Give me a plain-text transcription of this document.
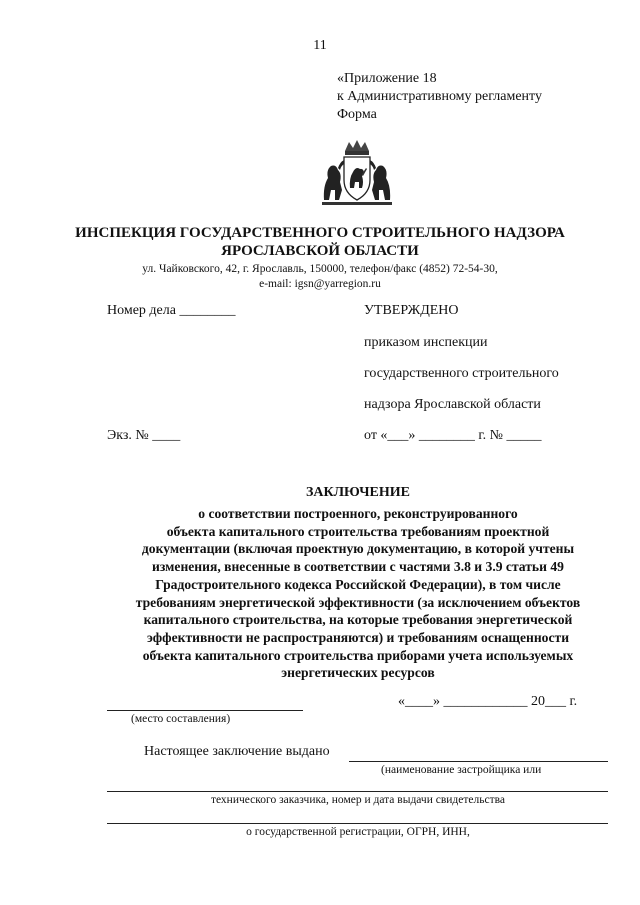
11
«Приложение 18
к Административному регламенту
Форма
ИНСПЕКЦИЯ ГОСУДАРСТВЕННОГО СТРОИТЕЛЬНОГО НАДЗОРА
ЯРОСЛАВСКОЙ ОБЛАСТИ
ул. Чайковского, 42, г. Ярославль, 150000, телефон/факс (4852) 72-54-30,
e-mail: igsn@yarregion.ru
Номер дела ________
Экз. № ____
УТВЕРЖДЕНО
приказом инспекции
государственного строительного
надзора Ярославской области
от «___» ________ г. № _____
ЗАКЛЮЧЕНИЕ
о соответствии построенного, реконструированного
объекта капитального строительства требованиям проектной
документации (включая проектную документацию, в которой учтены
изменения, внесенные в соответствии с частями 3.8 и 3.9 статьи 49
Градостроительного кодекса Российской Федерации), в том числе
требованиям энергетической эффективности (за исключением объектов
капитального строительства, на которые требования энергетической
эффективности не распространяются) и требованиям оснащенности
объекта капитального строительства приборами учета используемых
энергетических ресурсов
(место составления)
«____» ____________ 20___ г.
Настоящее заключение выдано
(наименование застройщика или
технического заказчика, номер и дата выдачи свидетельства
о государственной регистрации, ОГРН, ИНН,
